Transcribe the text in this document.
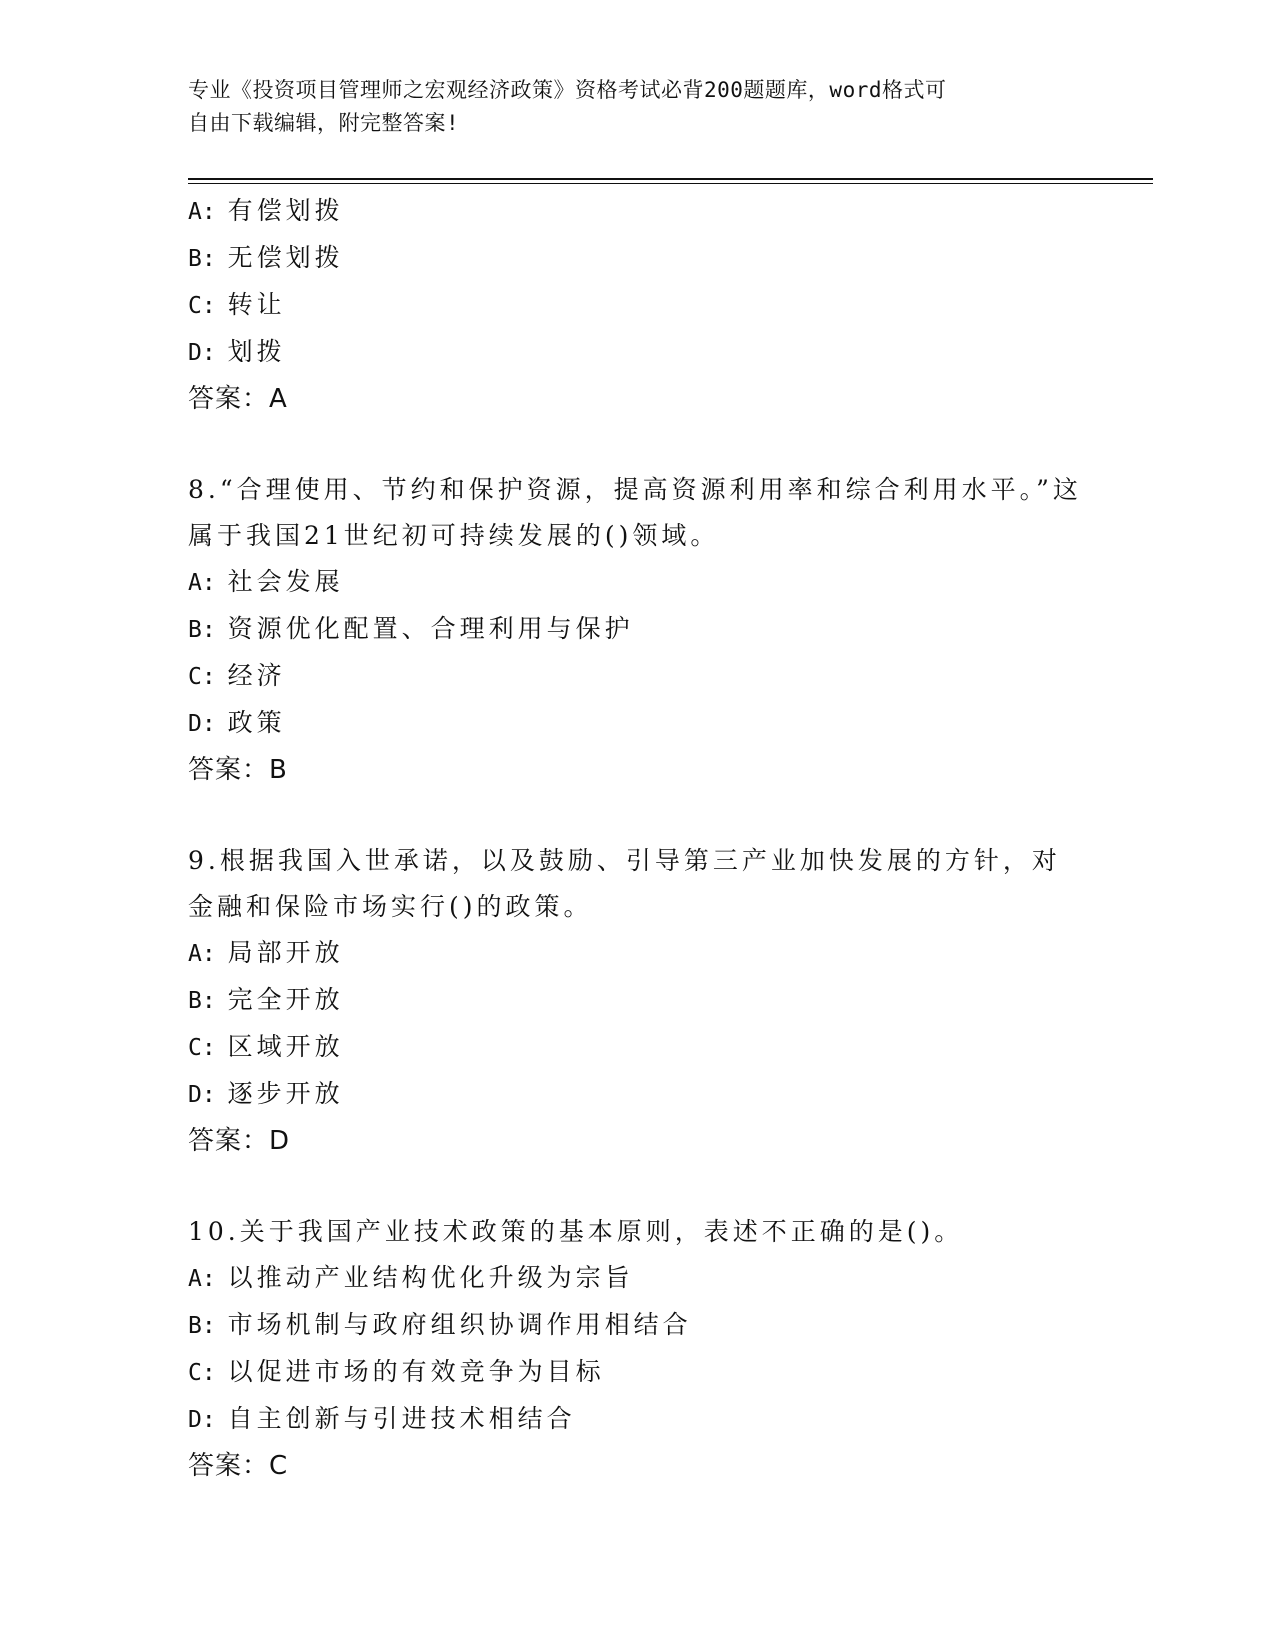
专业《投资项目管理师之宏观经济政策》资格考试必背200题题库，word格式可
自由下载编辑，附完整答案!

A: 有偿划拨

B: 无偿划拨

C: 转让

D: 划拨

答案：A

8.“合理使用、节约和保护资源，提高资源利用率和综合利用水平。”这属于我国21世纪初可持续发展的()领域。

A: 社会发展

B: 资源优化配置、合理利用与保护

C: 经济

D: 政策

答案：B

9.根据我国入世承诺，以及鼓励、引导第三产业加快发展的方针，对金融和保险市场实行()的政策。

A: 局部开放

B: 完全开放

C: 区域开放

D: 逐步开放

答案：D

10.关于我国产业技术政策的基本原则，表述不正确的是()。

A: 以推动产业结构优化升级为宗旨

B: 市场机制与政府组织协调作用相结合

C: 以促进市场的有效竞争为目标

D: 自主创新与引进技术相结合

答案：C
